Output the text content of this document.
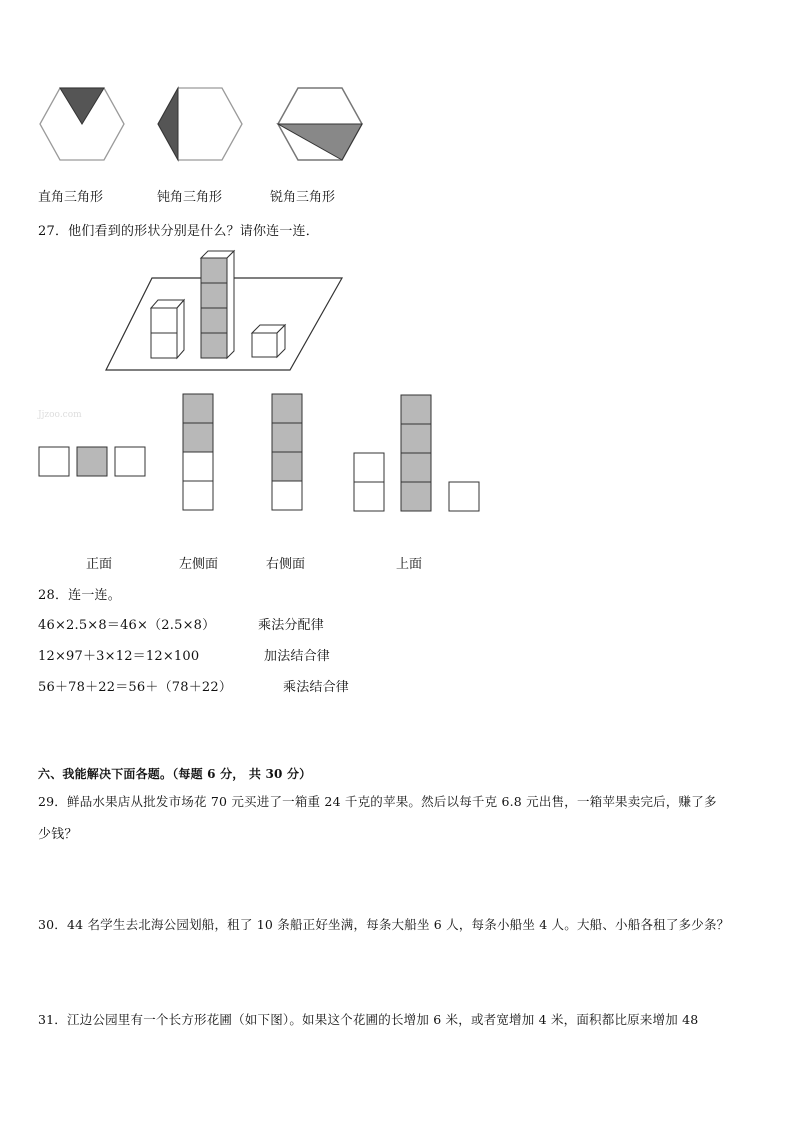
直角三角形	钝角三角形	锐角三角形
27．他们看到的形状分别是什么？请你连一连．
Jjzoo.com
正面	左侧面	右侧面	上面
28．连一连。
46×2.5×8＝46×（2.5×8）	乘法分配律
12×97＋3×12＝12×100	加法结合律
56＋78＋22＝56＋（78＋22）	乘法结合律
六、我能解决下面各题。（每题 6 分， 共 30 分）
29．鲜品水果店从批发市场花 70 元买进了一箱重 24 千克的苹果。然后以每千克 6.8 元出售，一箱苹果卖完后，赚了多
少钱？
30．44 名学生去北海公园划船，租了 10 条船正好坐满，每条大船坐 6 人，每条小船坐 4 人。大船、小船各租了多少条？
31．江边公园里有一个长方形花圃（如下图）。如果这个花圃的长增加 6 米，或者宽增加 4 米，面积都比原来增加 48
